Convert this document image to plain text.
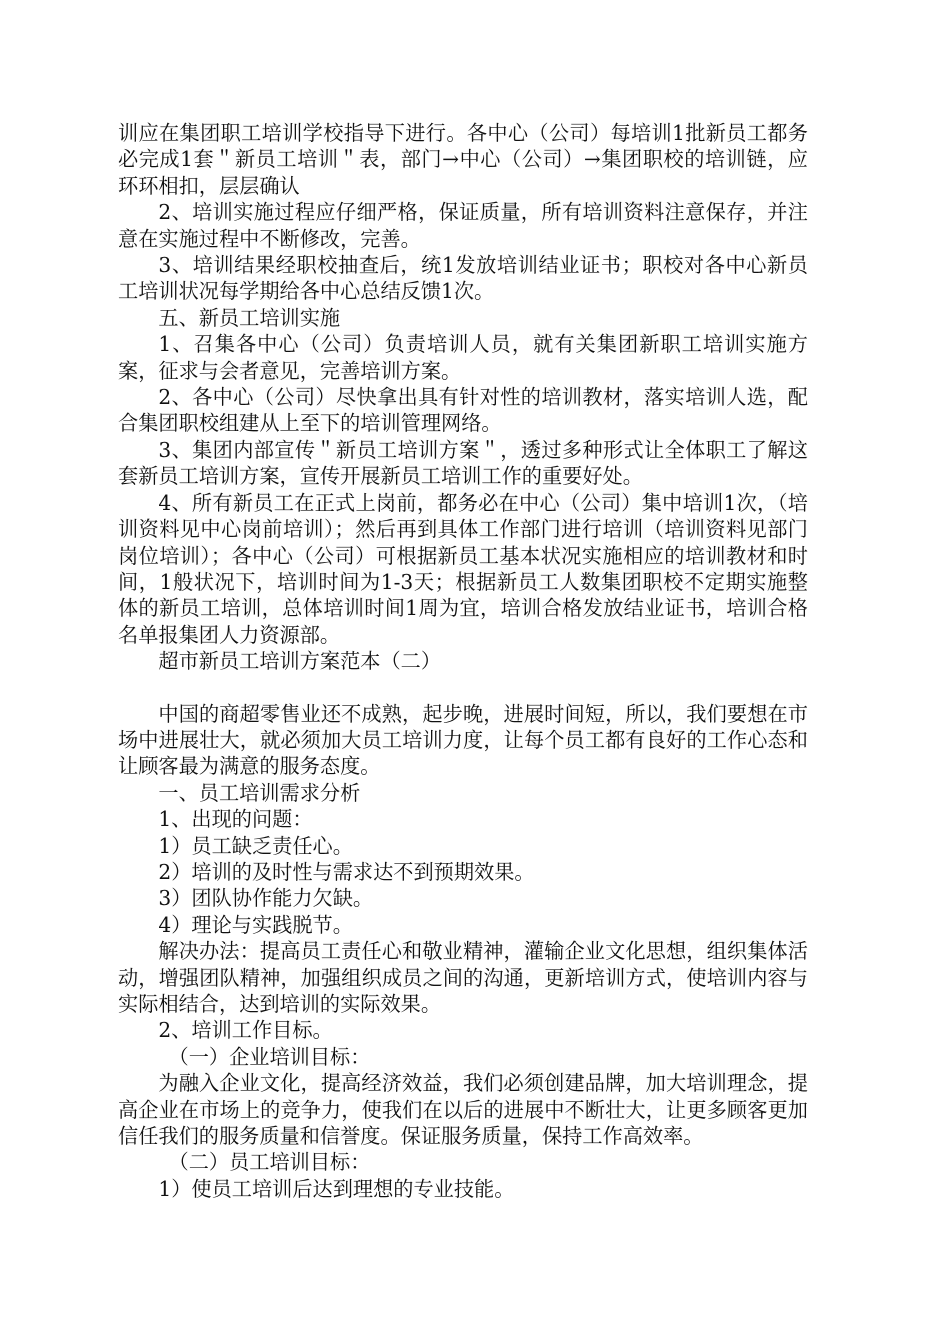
训应在集团职工培训学校指导下进行。各中心（公司）每培训1批新员工都务必完成1套＂新员工培训＂表，部门→中心（公司）→集团职校的培训链，应环环相扣，层层确认

2、培训实施过程应仔细严格，保证质量，所有培训资料注意保存，并注意在实施过程中不断修改，完善。

3、培训结果经职校抽查后，统1发放培训结业证书；职校对各中心新员工培训状况每学期给各中心总结反馈1次。

五、新员工培训实施

1、召集各中心（公司）负责培训人员，就有关集团新职工培训实施方案，征求与会者意见，完善培训方案。

2、各中心（公司）尽快拿出具有针对性的培训教材，落实培训人选，配合集团职校组建从上至下的培训管理网络。

3、集团内部宣传＂新员工培训方案＂，透过多种形式让全体职工了解这套新员工培训方案，宣传开展新员工培训工作的重要好处。

4、所有新员工在正式上岗前，都务必在中心（公司）集中培训1次，（培训资料见中心岗前培训）；然后再到具体工作部门进行培训（培训资料见部门岗位培训）；各中心（公司）可根据新员工基本状况实施相应的培训教材和时间，1般状况下，培训时间为1-3天；根据新员工人数集团职校不定期实施整体的新员工培训，总体培训时间1周为宜，培训合格发放结业证书，培训合格名单报集团人力资源部。

超市新员工培训方案范本（二）

中国的商超零售业还不成熟，起步晚，进展时间短，所以，我们要想在市场中进展壮大，就必须加大员工培训力度，让每个员工都有良好的工作心态和让顾客最为满意的服务态度。

一、员工培训需求分析

1、出现的问题：

1）员工缺乏责任心。

2）培训的及时性与需求达不到预期效果。

3）团队协作能力欠缺。

4）理论与实践脱节。

解决办法：提高员工责任心和敬业精神，灌输企业文化思想，组织集体活动，增强团队精神，加强组织成员之间的沟通，更新培训方式，使培训内容与实际相结合，达到培训的实际效果。

2、培训工作目标。

（一）企业培训目标：

为融入企业文化，提高经济效益，我们必须创建品牌，加大培训理念，提高企业在市场上的竞争力，使我们在以后的进展中不断壮大，让更多顾客更加信任我们的服务质量和信誉度。保证服务质量，保持工作高效率。

（二）员工培训目标：

1）使员工培训后达到理想的专业技能。
